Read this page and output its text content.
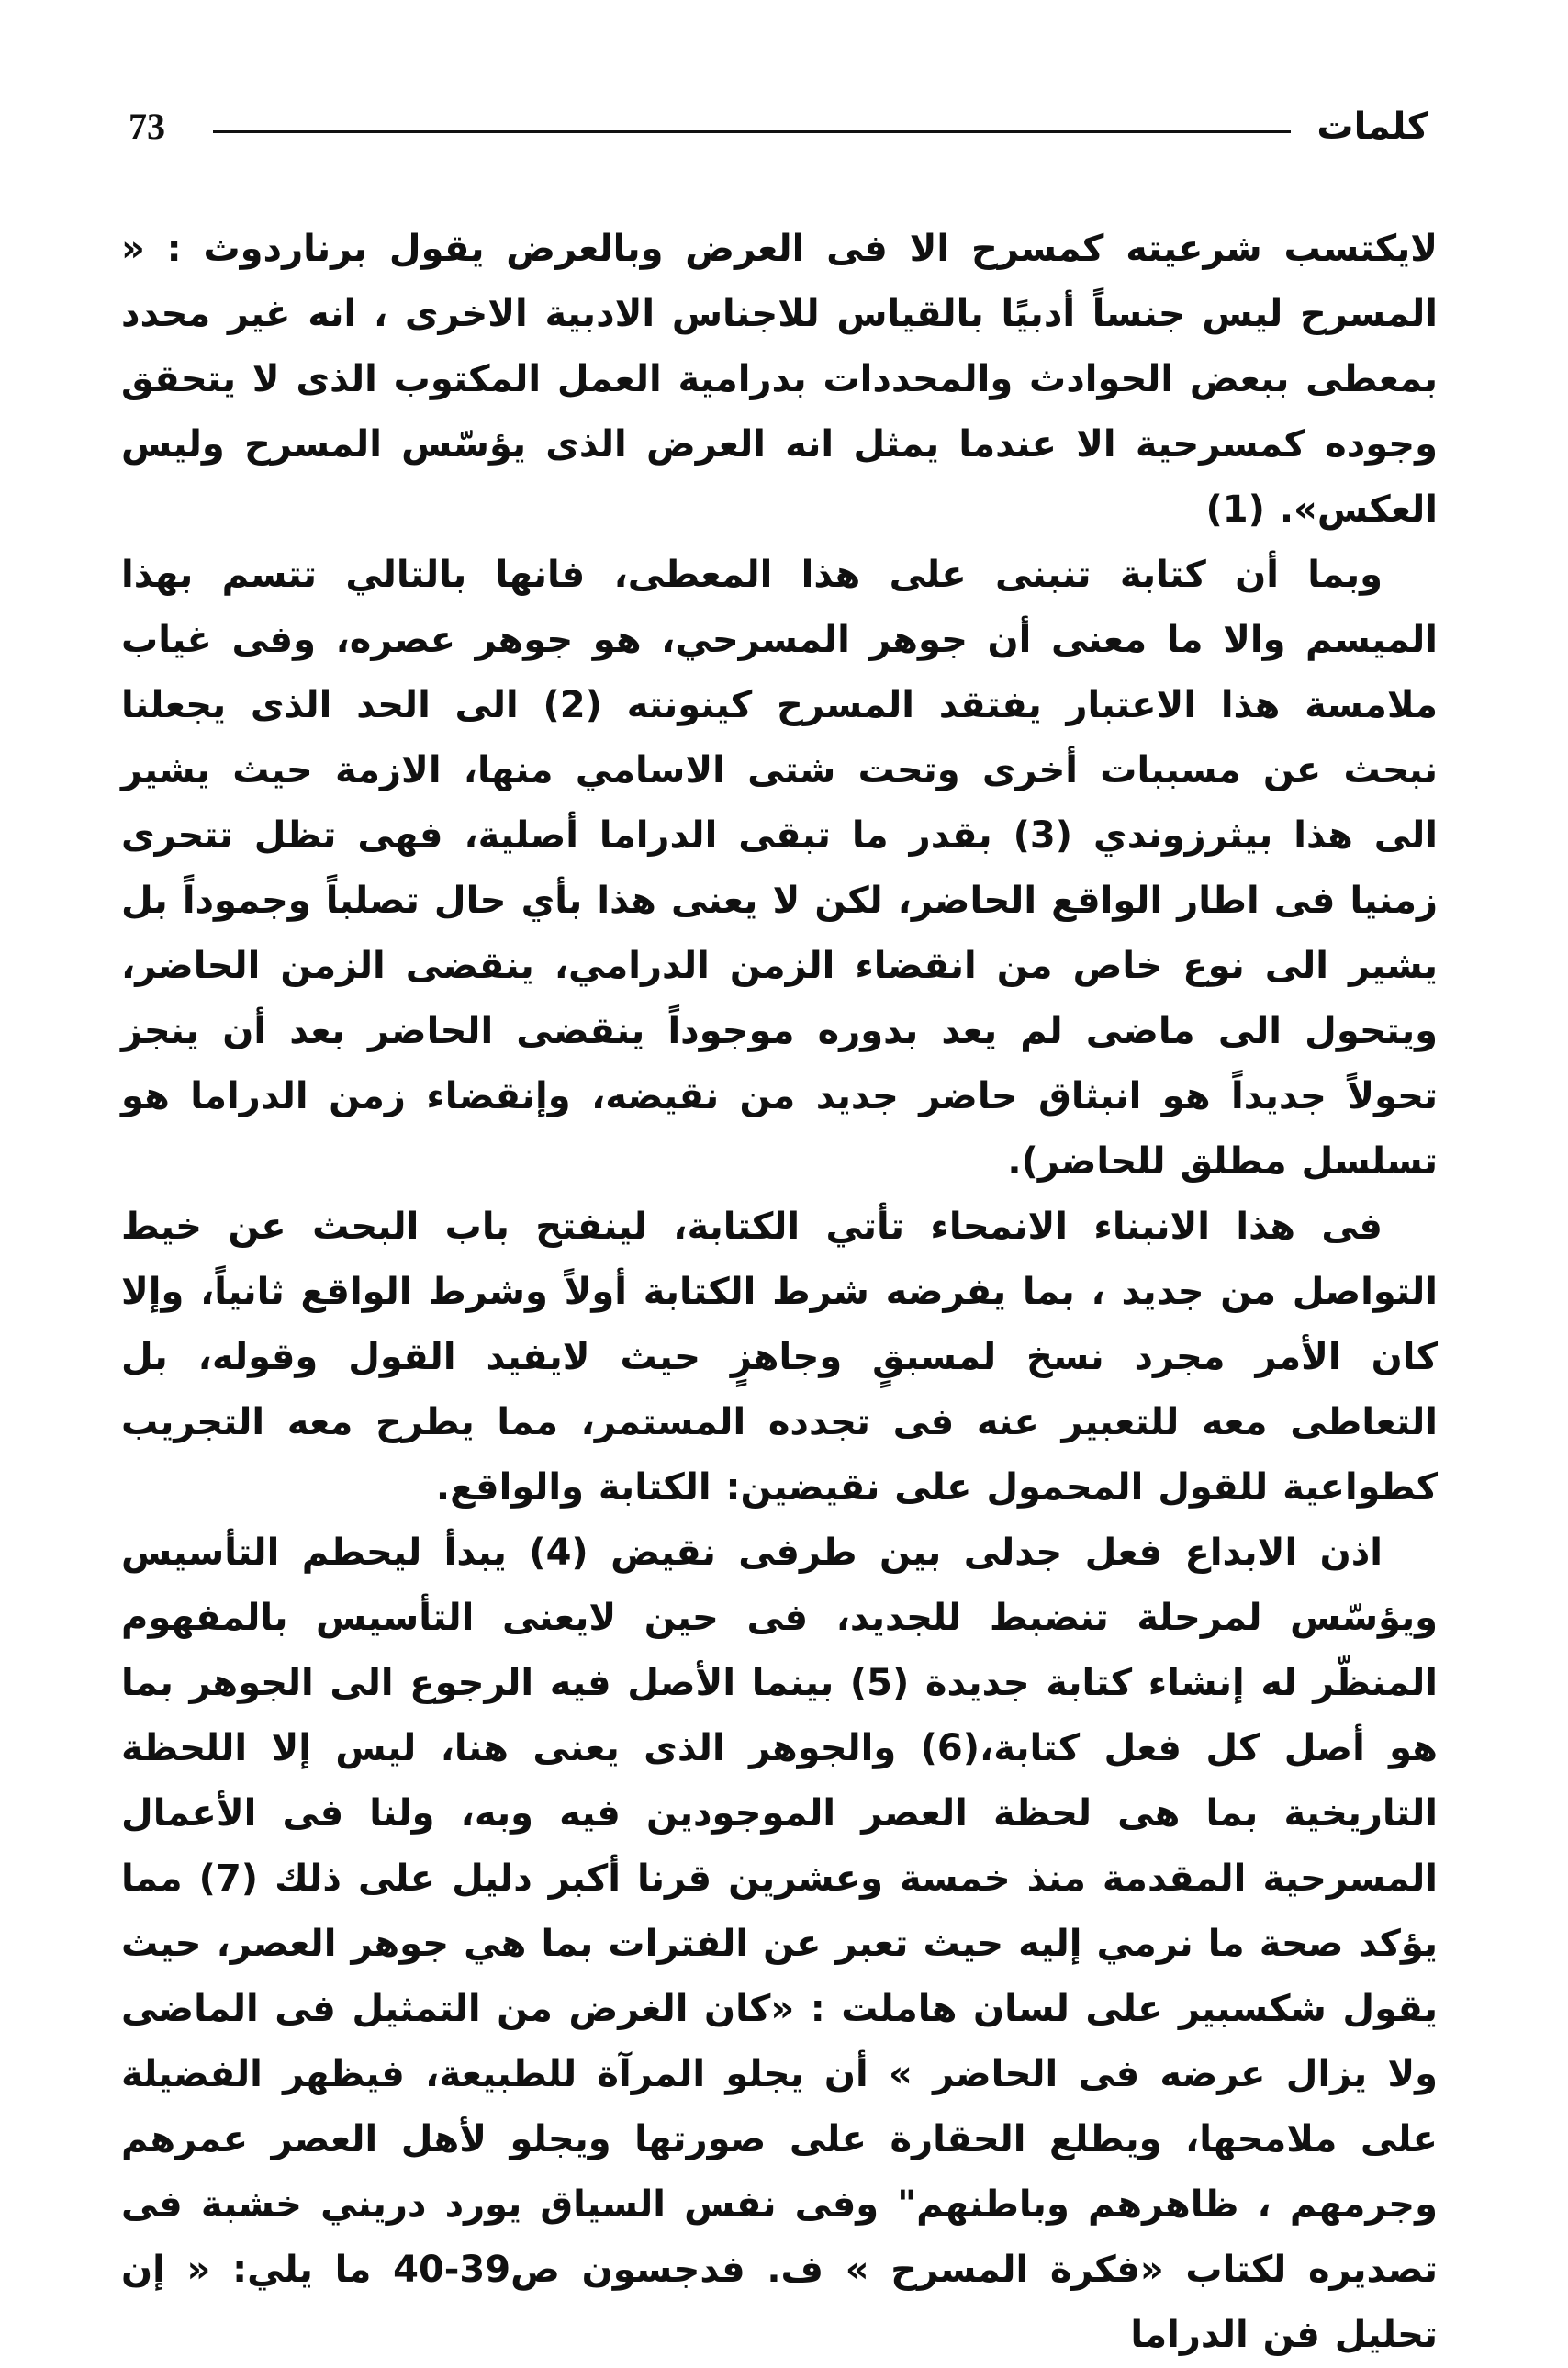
73	كلمات

لايكتسب شرعيته كمسرح الا فى العرض وبالعرض يقول برناردوث : « المسرح ليس جنساً أدبيًا بالقياس للاجناس الادبية الاخرى ، انه غير محدد بمعطى ببعض الحوادث والمحددات بدرامية العمل المكتوب الذى لا يتحقق وجوده كمسرحية الا عندما يمثل انه العرض الذى يؤسّس المسرح وليس العكس». (1)

وبما أن كتابة تنبنى على هذا المعطى، فانها بالتالي تتسم بهذا الميسم والا ما معنى أن جوهر المسرحي، هو جوهر عصره، وفى غياب ملامسة هذا الاعتبار يفتقد المسرح كينونته (2) الى الحد الذى يجعلنا نبحث عن مسببات أخرى وتحت شتى الاسامي منها، الازمة حيث يشير الى هذا بيثرزوندي (3) بقدر ما تبقى الدراما أصلية، فهى تظل تتحرى زمنيا فى اطار الواقع الحاضر، لكن لا يعنى هذا بأي حال تصلباً وجموداً بل يشير الى نوع خاص من انقضاء الزمن الدرامي، ينقضى الزمن الحاضر، ويتحول الى ماضى لم يعد بدوره موجوداً ينقضى الحاضر بعد أن ينجز تحولاً جديداً هو انبثاق حاضر جديد من نقيضه، وإنقضاء زمن الدراما هو تسلسل مطلق للحاضر).

فى هذا الانبناء الانمحاء تأتي الكتابة، لينفتح باب البحث عن خيط التواصل من جديد ، بما يفرضه شرط الكتابة أولاً وشرط الواقع ثانياً، وإلا كان الأمر مجرد نسخ لمسبقٍ وجاهزٍ حيث لايفيد القول وقوله، بل التعاطى معه للتعبير عنه فى تجدده المستمر، مما يطرح معه التجريب كطواعية للقول المحمول على نقيضين: الكتابة والواقع.

اذن الابداع فعل جدلى بين طرفى نقيض (4) يبدأ ليحطم التأسيس ويؤسّس لمرحلة تنضبط للجديد، فى حين لايعنى التأسيس بالمفهوم المنظّر له إنشاء كتابة جديدة (5) بينما الأصل فيه الرجوع الى الجوهر بما هو أصل كل فعل كتابة،(6) والجوهر الذى يعنى هنا، ليس إلا اللحظة التاريخية بما هى لحظة العصر الموجودين فيه وبه، ولنا فى الأعمال المسرحية المقدمة منذ خمسة وعشرين قرنا أكبر دليل على ذلك (7) مما يؤكد صحة ما نرمي إليه حيث تعبر عن الفترات بما هي جوهر العصر، حيث يقول شكسبير على لسان هاملت : «كان الغرض من التمثيل فى الماضى ولا يزال عرضه فى الحاضر » أن يجلو المرآة للطبيعة، فيظهر الفضيلة على ملامحها، ويطلع الحقارة على صورتها ويجلو لأهل العصر عمرهم وجرمهم ، ظاهرهم وباطنهم" وفى نفس السياق يورد دريني خشبة فى تصديره لكتاب «فكرة المسرح » ف. فدجسون ص39-40 ما يلي: « إن تحليل فن الدراما
